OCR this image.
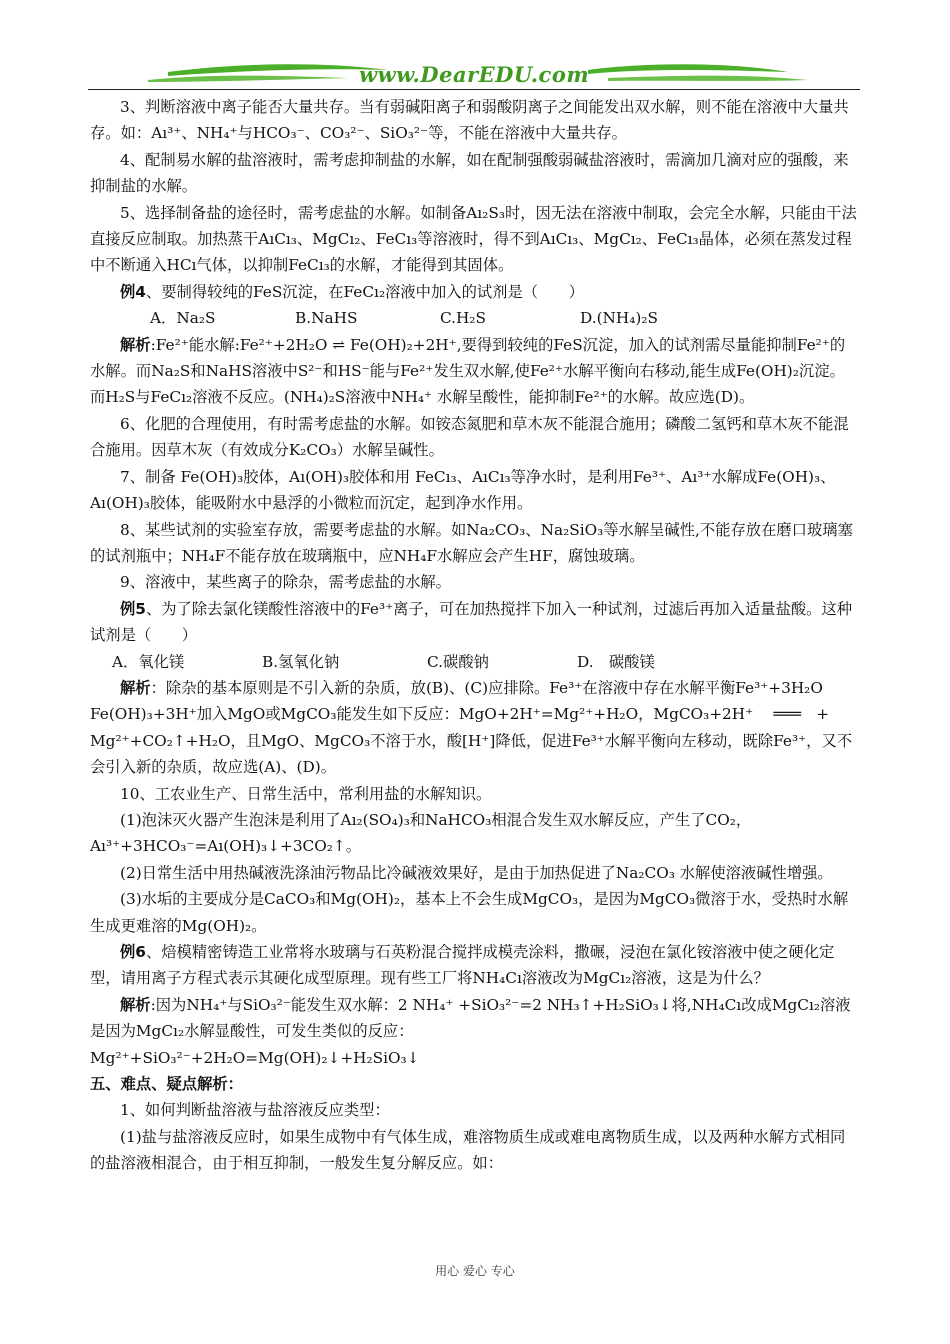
www.DearEDU.com

3、判断溶液中离子能否大量共存。当有弱碱阳离子和弱酸阴离子之间能发出双水解，则不能在溶液中大量共存。如：Aı³⁺、NH₄⁺与HCO₃⁻、CO₃²⁻、SiO₃²⁻等，不能在溶液中大量共存。

4、配制易水解的盐溶液时，需考虑抑制盐的水解，如在配制强酸弱碱盐溶液时，需滴加几滴对应的强酸，来抑制盐的水解。

5、选择制备盐的途径时，需考虑盐的水解。如制备Aı₂S₃时，因无法在溶液中制取，会完全水解，只能由干法直接反应制取。加热蒸干AıCı₃、MgCı₂、FeCı₃等溶液时，得不到AıCı₃、MgCı₂、FeCı₃晶体，必须在蒸发过程中不断通入HCı气体，以抑制FeCı₃的水解，才能得到其固体。

例4、要制得较纯的FeS沉淀，在FeCı₂溶液中加入的试剂是（　　）

A．Na₂S	B.NaHS	C.H₂S	D.(NH₄)₂S

解析:Fe²⁺能水解:Fe²⁺+2H₂O ⇌ Fe(OH)₂+2H⁺,要得到较纯的FeS沉淀，加入的试剂需尽量能抑制Fe²⁺的水解。而Na₂S和NaHS溶液中S²⁻和HS⁻能与Fe²⁺发生双水解,使Fe²⁺水解平衡向右移动,能生成Fe(OH)₂沉淀。而H₂S与FeCı₂溶液不反应。(NH₄)₂S溶液中NH₄⁺ 水解呈酸性，能抑制Fe²⁺的水解。故应选(D)。

6、化肥的合理使用，有时需考虑盐的水解。如铵态氮肥和草木灰不能混合施用；磷酸二氢钙和草木灰不能混合施用。因草木灰（有效成分K₂CO₃）水解呈碱性。

7、制备 Fe(OH)₃胶体，Aı(OH)₃胶体和用 FeCı₃、AıCı₃等净水时，是利用Fe³⁺、Aı³⁺水解成Fe(OH)₃、Aı(OH)₃胶体，能吸附水中悬浮的小微粒而沉定，起到净水作用。

8、某些试剂的实验室存放，需要考虑盐的水解。如Na₂CO₃、Na₂SiO₃等水解呈碱性,不能存放在磨口玻璃塞的试剂瓶中；NH₄F不能存放在玻璃瓶中，应NH₄F水解应会产生HF，腐蚀玻璃。

9、溶液中，某些离子的除杂，需考虑盐的水解。

例5、为了除去氯化镁酸性溶液中的Fe³⁺离子，可在加热搅拌下加入一种试剂，过滤后再加入适量盐酸。这种试剂是（　　）

A．氧化镁	B.氢氧化钠	C.碳酸钠	D.　碳酸镁

解析：除杂的基本原则是不引入新的杂质，放(B)、(C)应排除。Fe³⁺在溶液中存在水解平衡Fe³⁺+3H₂O　 Fe(OH)₃+3H⁺加入MgO或MgCO₃能发生如下反应：MgO+2H⁺=Mg²⁺+H₂O，MgCO₃+2H⁺　 ═══　+　　 Mg²⁺+CO₂↑+H₂O，且MgO、MgCO₃不溶于水，酸[H⁺]降低，促进Fe³⁺水解平衡向左移动，既除Fe³⁺，又不会引入新的杂质，故应选(A)、(D)。

10、工农业生产、日常生活中，常利用盐的水解知识。

(1)泡沫灭火器产生泡沫是利用了Aı₂(SO₄)₃和NaHCO₃相混合发生双水解反应，产生了CO₂，Aı³⁺+3HCO₃⁻=Aı(OH)₃↓+3CO₂↑。

(2)日常生活中用热碱液洗涤油污物品比冷碱液效果好，是由于加热促进了Na₂CO₃ 水解使溶液碱性增强。

(3)水垢的主要成分是CaCO₃和Mg(OH)₂，基本上不会生成MgCO₃，是因为MgCO₃微溶于水，受热时水解生成更难溶的Mg(OH)₂。

例6、焙模精密铸造工业常将水玻璃与石英粉混合搅拌成模壳涂料，撒碾，浸泡在氯化铵溶液中使之硬化定型，请用离子方程式表示其硬化成型原理。现有些工厂将NH₄Cı溶液改为MgCı₂溶液，这是为什么？

解析:因为NH₄⁺与SiO₃²⁻能发生双水解：2 NH₄⁺ +SiO₃²⁻=2 NH₃↑+H₂SiO₃↓将,NH₄Cı改成MgCı₂溶液是因为MgCı₂水解显酸性，可发生类似的反应：

Mg²⁺+SiO₃²⁻+2H₂O=Mg(OH)₂↓+H₂SiO₃↓

五、难点、疑点解析：

1、如何判断盐溶液与盐溶液反应类型：

(1)盐与盐溶液反应时，如果生成物中有气体生成，难溶物质生成或难电离物质生成，以及两种水解方式相同的盐溶液相混合，由于相互抑制，一般发生复分解反应。如：

用心 爱心 专心
